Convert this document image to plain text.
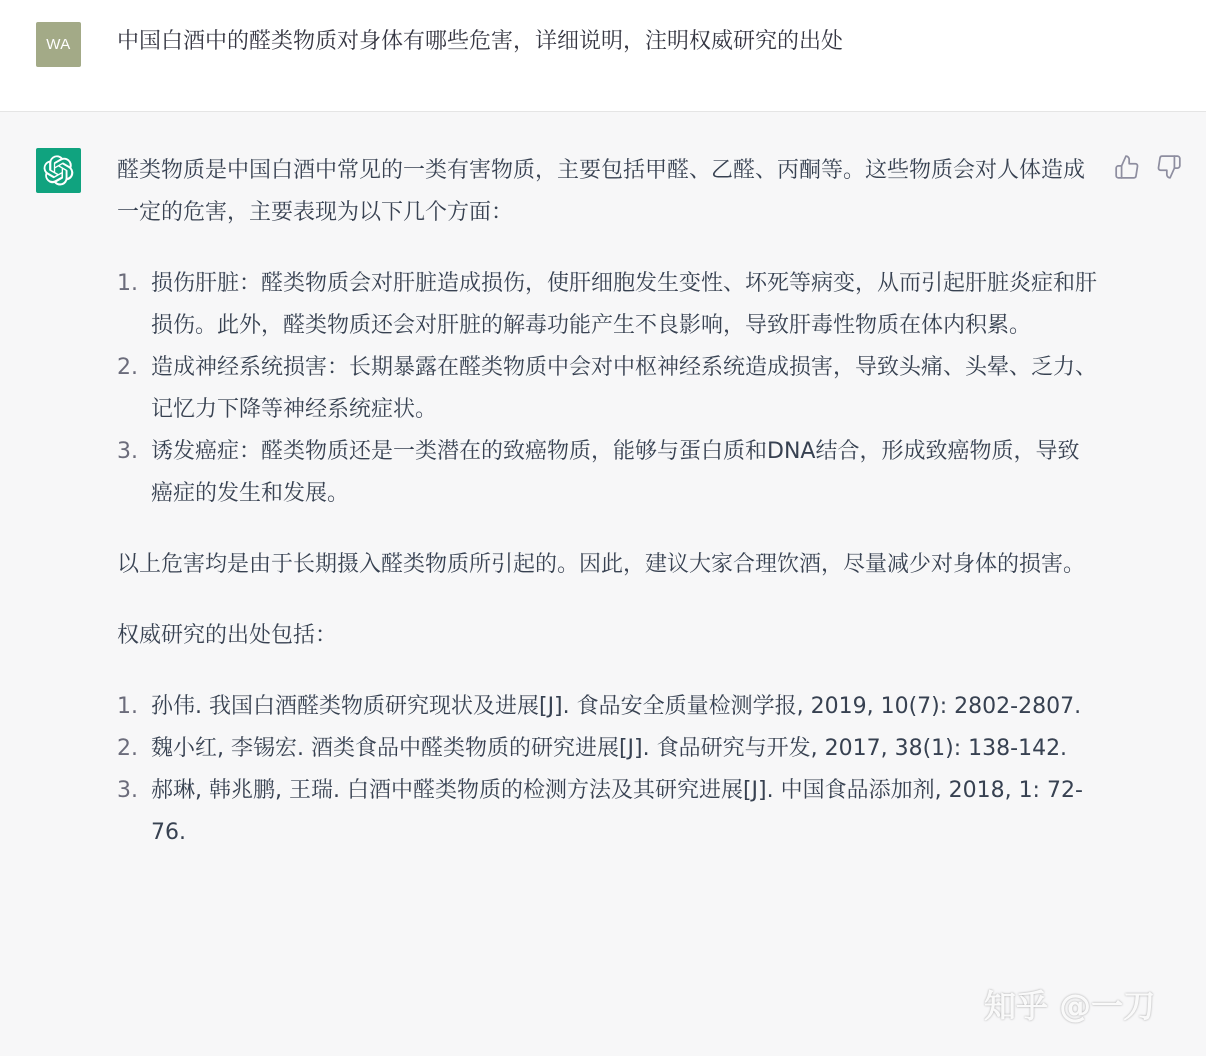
WA	中国白酒中的醛类物质对身体有哪些危害，详细说明，注明权威研究的出处

醛类物质是中国白酒中常见的一类有害物质，主要包括甲醛、乙醛、丙酮等。这些物质会对人体造成一定的危害，主要表现为以下几个方面：

1. 损伤肝脏：醛类物质会对肝脏造成损伤，使肝细胞发生变性、坏死等病变，从而引起肝脏炎症和肝损伤。此外，醛类物质还会对肝脏的解毒功能产生不良影响，导致肝毒性物质在体内积累。
2. 造成神经系统损害：长期暴露在醛类物质中会对中枢神经系统造成损害，导致头痛、头晕、乏力、记忆力下降等神经系统症状。
3. 诱发癌症：醛类物质还是一类潜在的致癌物质，能够与蛋白质和DNA结合，形成致癌物质，导致癌症的发生和发展。

以上危害均是由于长期摄入醛类物质所引起的。因此，建议大家合理饮酒，尽量减少对身体的损害。

权威研究的出处包括：

1. 孙伟. 我国白酒醛类物质研究现状及进展[J]. 食品安全质量检测学报, 2019, 10(7): 2802-2807.
2. 魏小红, 李锡宏. 酒类食品中醛类物质的研究进展[J]. 食品研究与开发, 2017, 38(1): 138-142.
3. 郝琳, 韩兆鹏, 王瑞. 白酒中醛类物质的检测方法及其研究进展[J]. 中国食品添加剂, 2018, 1: 72-76.
知乎 @一刀
